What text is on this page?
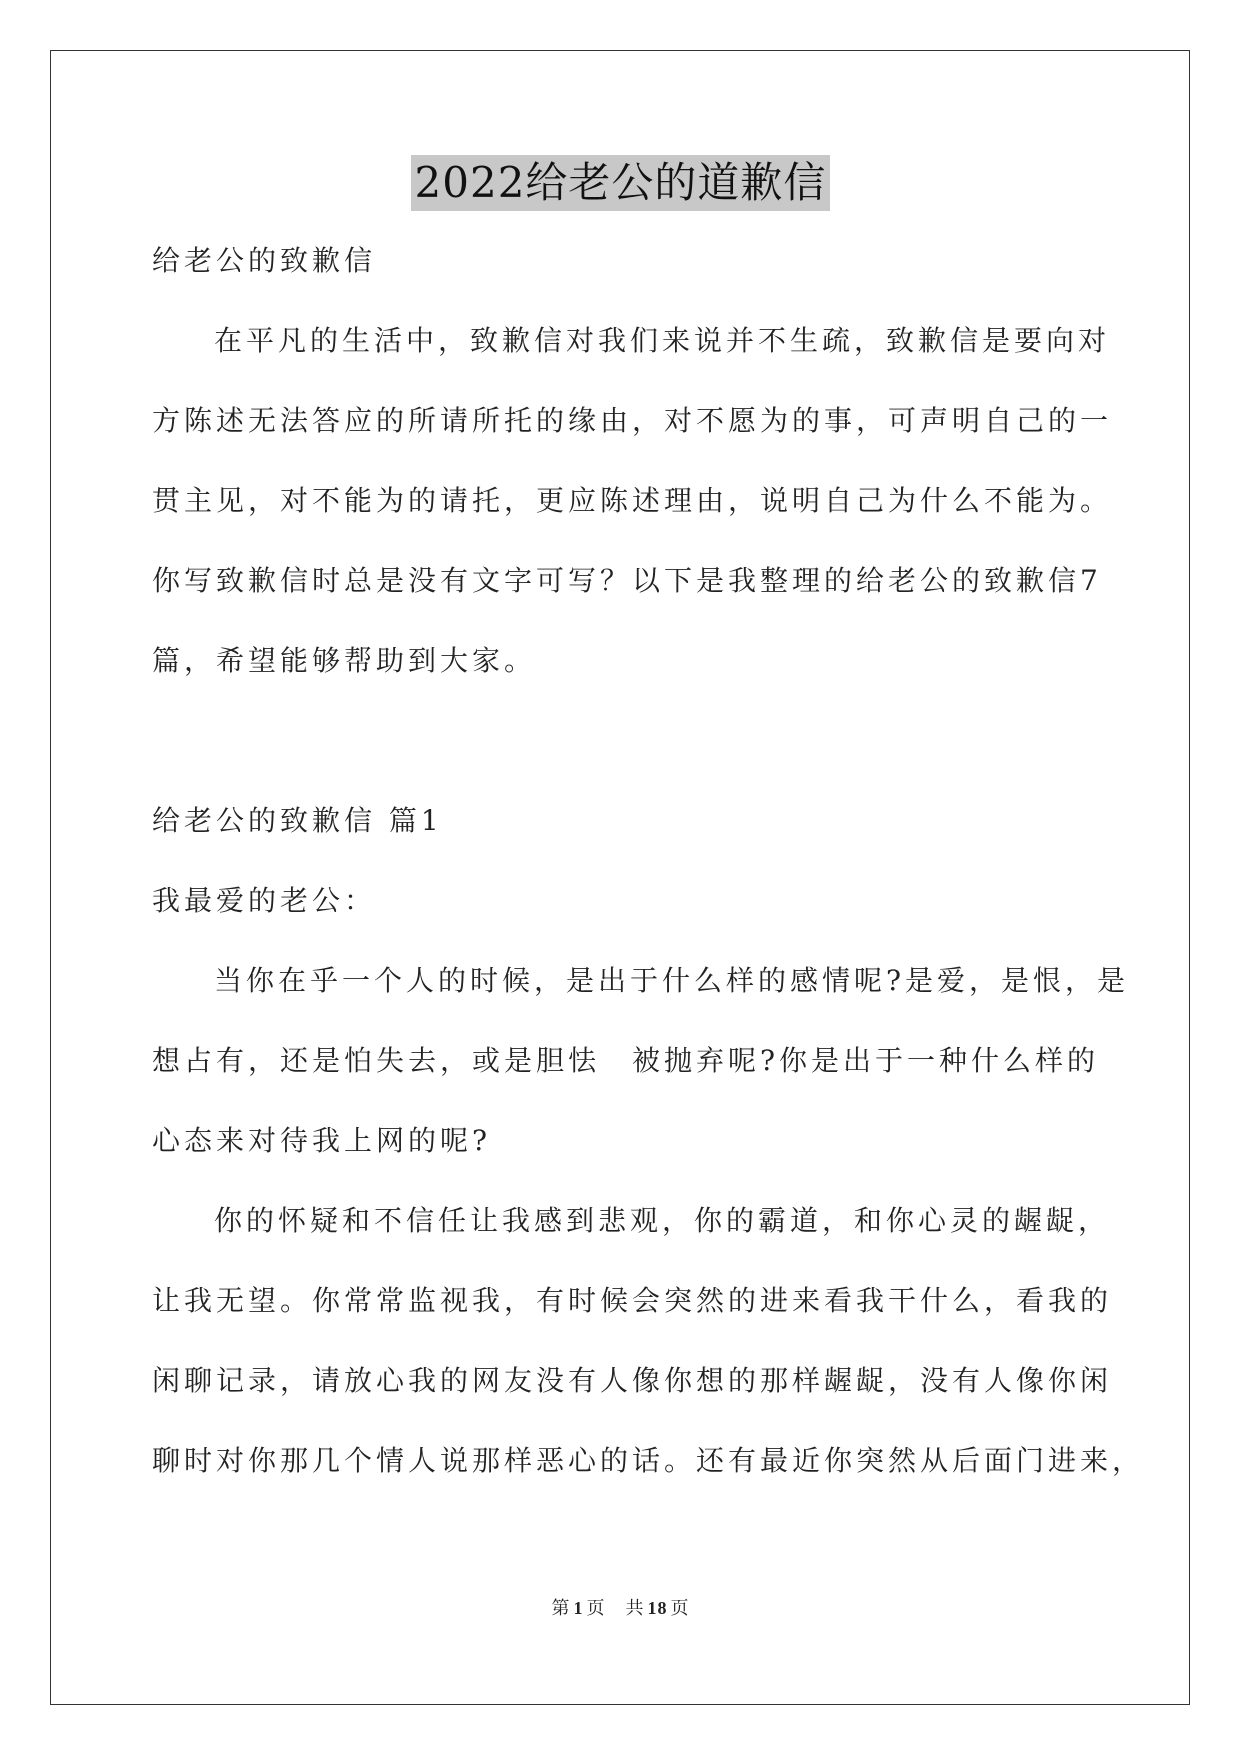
2022给老公的道歉信
给老公的致歉信
在平凡的生活中，致歉信对我们来说并不生疏，致歉信是要向对
方陈述无法答应的所请所托的缘由，对不愿为的事，可声明自己的一
贯主见，对不能为的请托，更应陈述理由，说明自己为什么不能为。
你写致歉信时总是没有文字可写？以下是我整理的给老公的致歉信7
篇，希望能够帮助到大家。
给老公的致歉信 篇1
我最爱的老公：
当你在乎一个人的时候，是出于什么样的感情呢?是爱，是恨，是
想占有，还是怕失去，或是胆怯　被抛弃呢?你是出于一种什么样的
心态来对待我上网的呢?
你的怀疑和不信任让我感到悲观，你的霸道，和你心灵的龌龊，
让我无望。你常常监视我，有时候会突然的进来看我干什么，看我的
闲聊记录，请放心我的网友没有人像你想的那样龌龊，没有人像你闲
聊时对你那几个情人说那样恶心的话。还有最近你突然从后面门进来，
第 1 页 共 18 页
